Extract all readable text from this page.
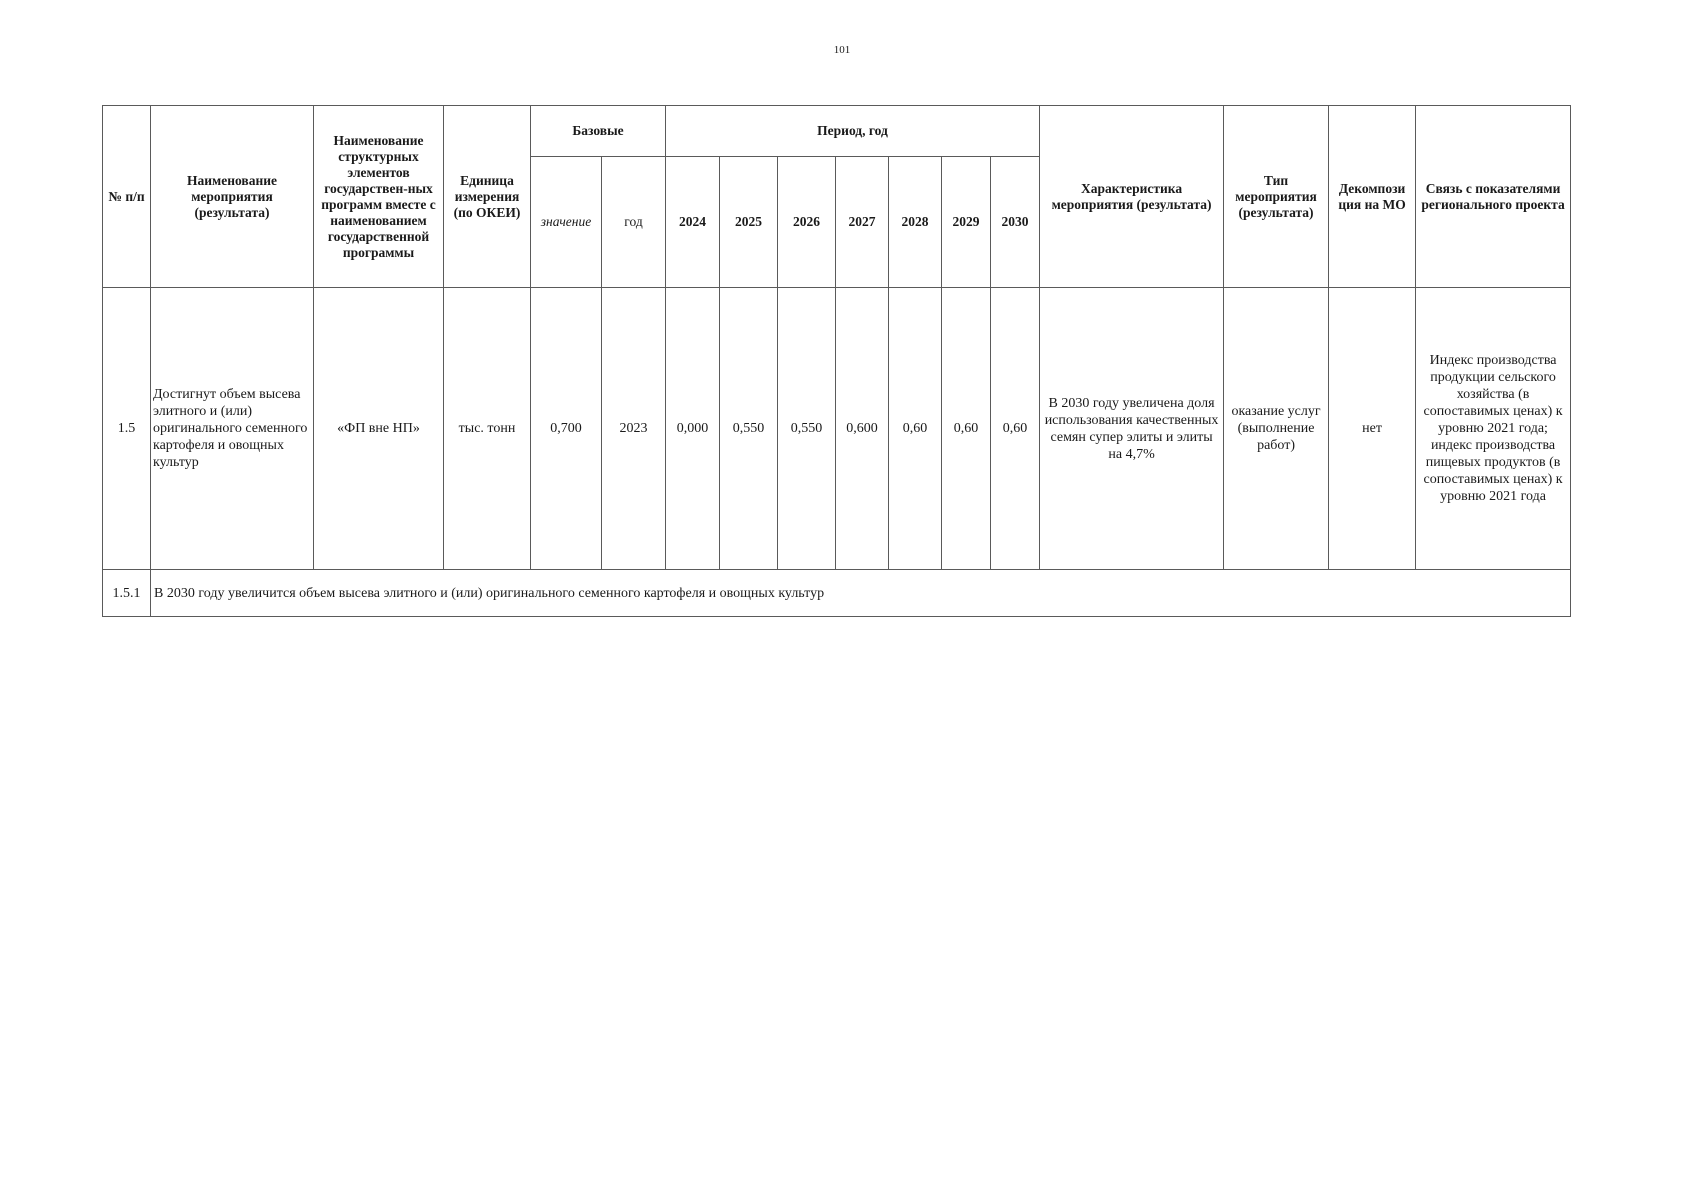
101
№ п/п	Наименование мероприятия (результата)	Наименование структурных элементов государствен-ных программ вместе с наименованием государственной программы	Единица измерения (по ОКЕИ)	Базовые		Период, год							Характеристика мероприятия (результата)	Тип мероприятия (результата)	Декомпози ция на МО	Связь с показателями регионального проекта
				значение	год	2024	2025	2026	2027	2028	2029	2030				
1.5	Достигнут объем высева элитного и (или) оригинального семенного картофеля и овощных культур	«ФП вне НП»	тыс. тонн	0,700	2023	0,000	0,550	0,550	0,600	0,60	0,60	0,60	В 2030 году увеличена доля использования качественных семян супер элиты и элиты на 4,7%	оказание услуг (выполнение работ)	нет	Индекс производства продукции сельского хозяйства (в сопоставимых ценах) к уровню 2021 года; индекс производства пищевых продуктов (в сопоставимых ценах) к уровню 2021 года
1.5.1	В 2030 году увеличится объем высева элитного и (или) оригинального семенного картофеля и овощных культур															
